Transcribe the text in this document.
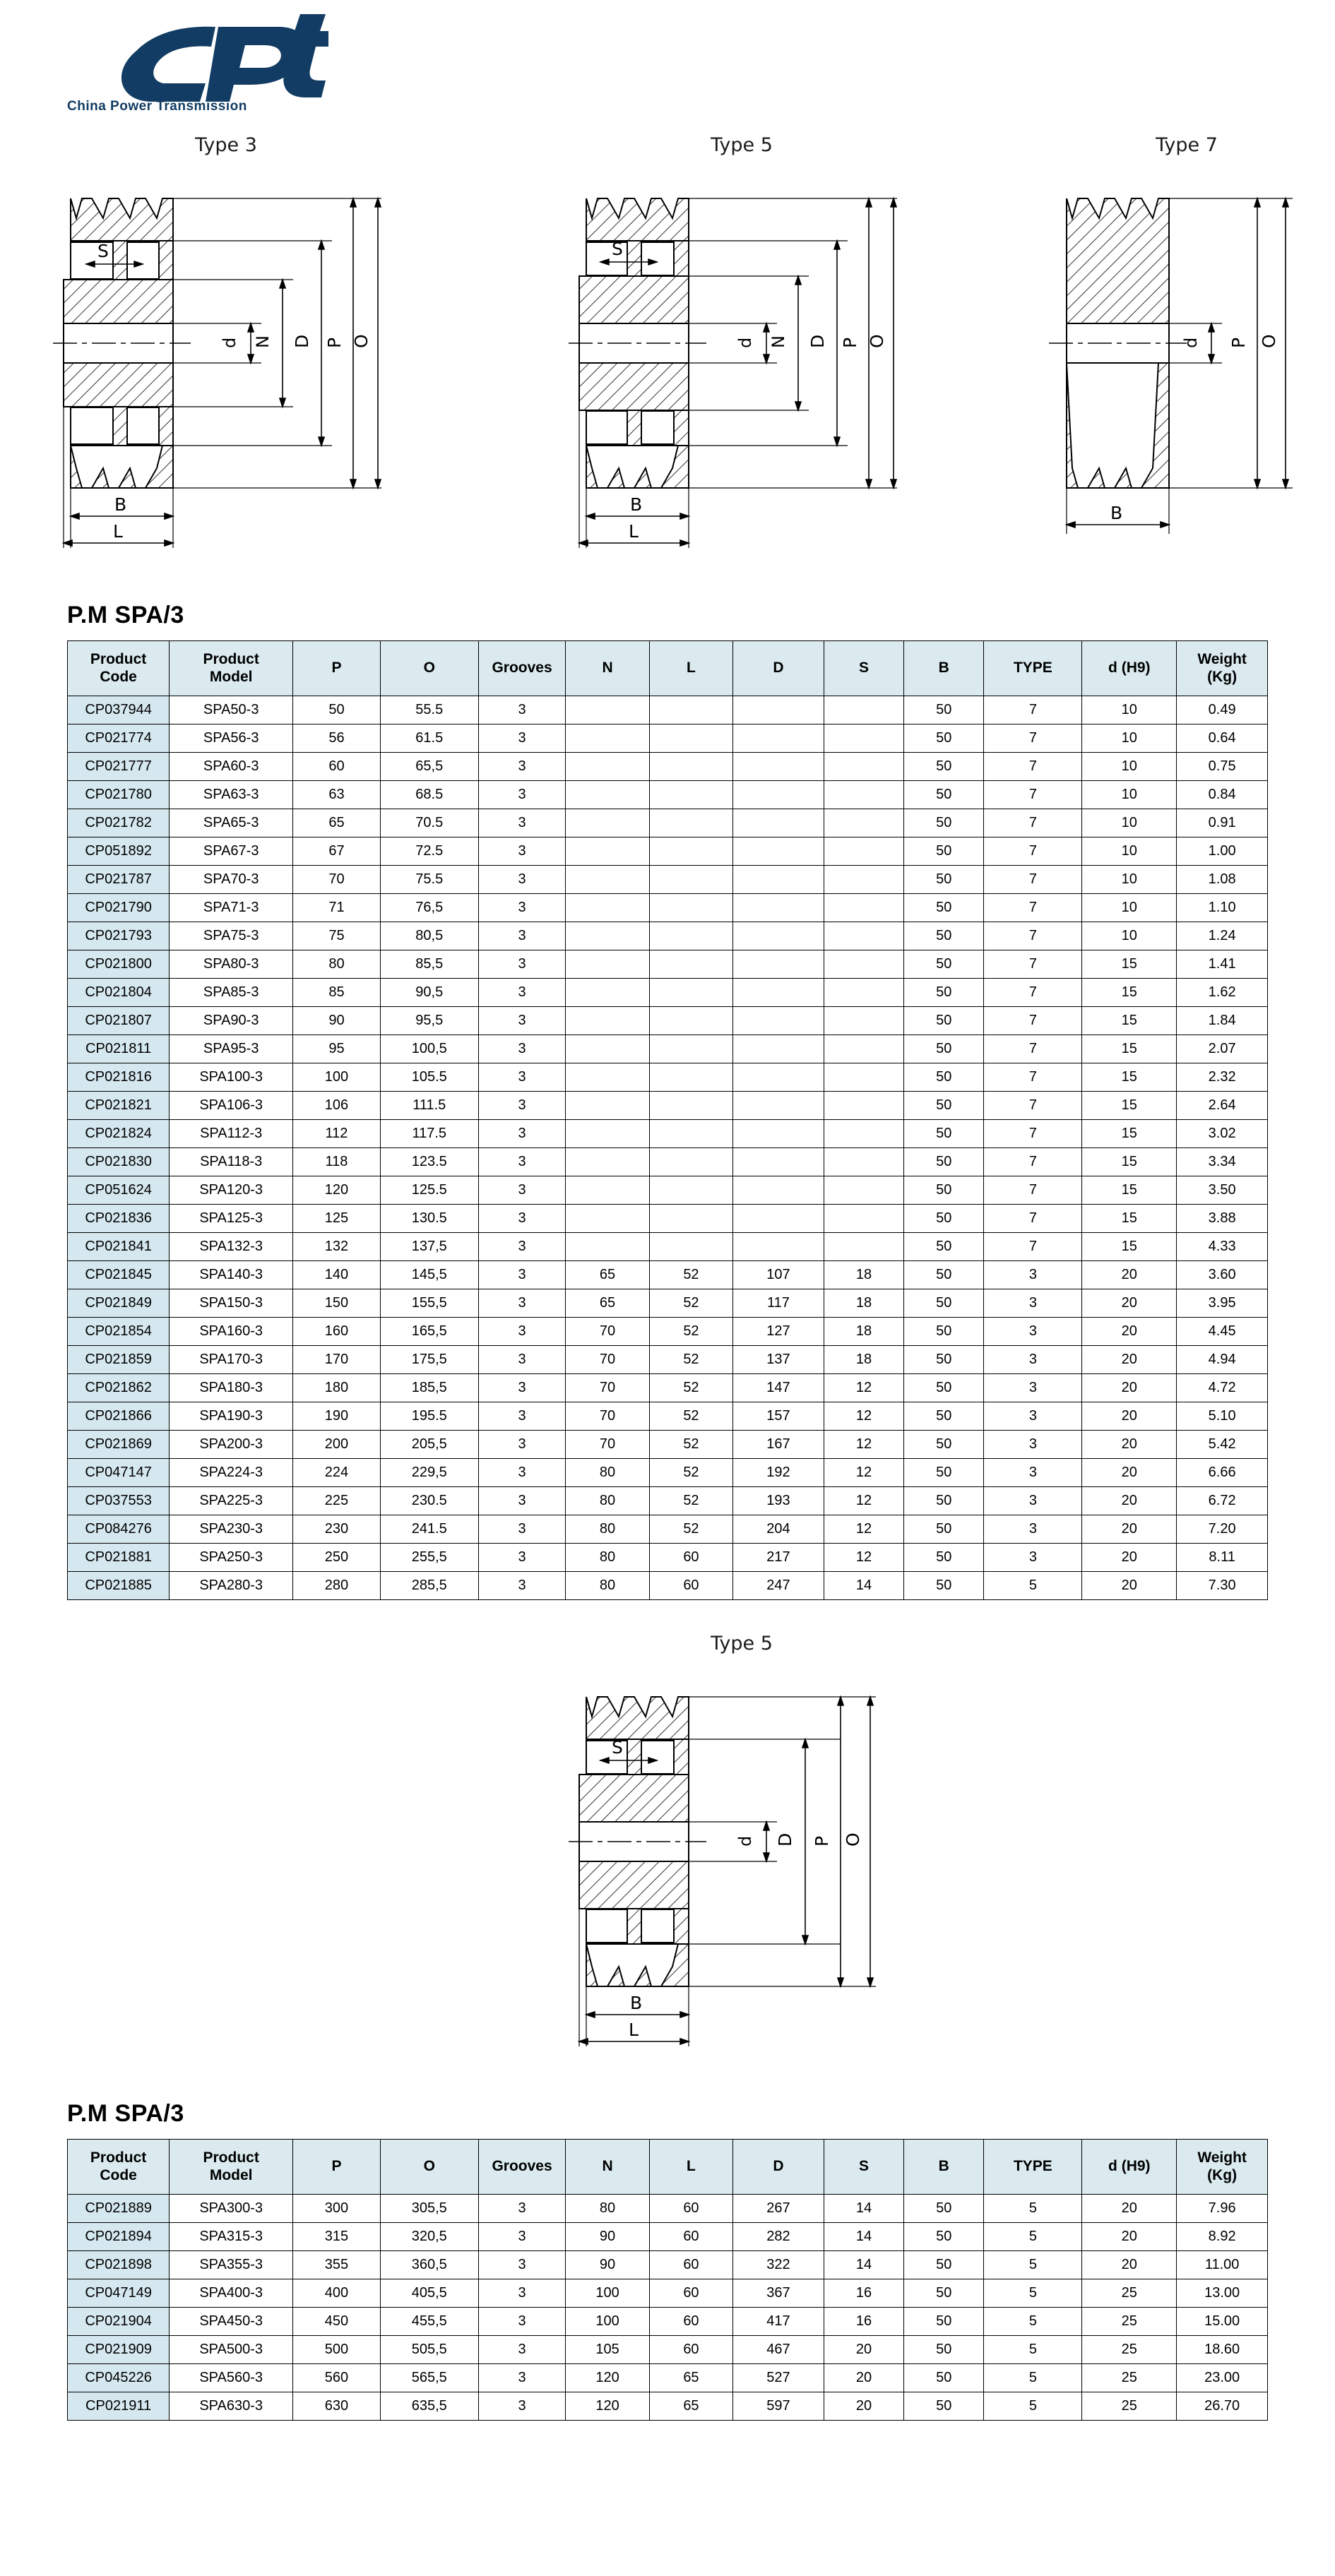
China Power Transmission
Type 3
S
d N D P O
B
L
Type 5
S
d N D P O
B
L
Type 7
d P O
B
P.M SPA/3
Product
Code	Product
Model	P	O	Grooves	N	L	D	S	B	TYPE	d (H9)	Weight
(Kg)
CP037944	SPA50-3	50	55.5	3					50	7	10	0.49
CP021774	SPA56-3	56	61.5	3					50	7	10	0.64
CP021777	SPA60-3	60	65,5	3					50	7	10	0.75
CP021780	SPA63-3	63	68.5	3					50	7	10	0.84
CP021782	SPA65-3	65	70.5	3					50	7	10	0.91
CP051892	SPA67-3	67	72.5	3					50	7	10	1.00
CP021787	SPA70-3	70	75.5	3					50	7	10	1.08
CP021790	SPA71-3	71	76,5	3					50	7	10	1.10
CP021793	SPA75-3	75	80,5	3					50	7	10	1.24
CP021800	SPA80-3	80	85,5	3					50	7	15	1.41
CP021804	SPA85-3	85	90,5	3					50	7	15	1.62
CP021807	SPA90-3	90	95,5	3					50	7	15	1.84
CP021811	SPA95-3	95	100,5	3					50	7	15	2.07
CP021816	SPA100-3	100	105.5	3					50	7	15	2.32
CP021821	SPA106-3	106	111.5	3					50	7	15	2.64
CP021824	SPA112-3	112	117.5	3					50	7	15	3.02
CP021830	SPA118-3	118	123.5	3					50	7	15	3.34
CP051624	SPA120-3	120	125.5	3					50	7	15	3.50
CP021836	SPA125-3	125	130.5	3					50	7	15	3.88
CP021841	SPA132-3	132	137,5	3					50	7	15	4.33
CP021845	SPA140-3	140	145,5	3	65	52	107	18	50	3	20	3.60
CP021849	SPA150-3	150	155,5	3	65	52	117	18	50	3	20	3.95
CP021854	SPA160-3	160	165,5	3	70	52	127	18	50	3	20	4.45
CP021859	SPA170-3	170	175,5	3	70	52	137	18	50	3	20	4.94
CP021862	SPA180-3	180	185,5	3	70	52	147	12	50	3	20	4.72
CP021866	SPA190-3	190	195.5	3	70	52	157	12	50	3	20	5.10
CP021869	SPA200-3	200	205,5	3	70	52	167	12	50	3	20	5.42
CP047147	SPA224-3	224	229,5	3	80	52	192	12	50	3	20	6.66
CP037553	SPA225-3	225	230.5	3	80	52	193	12	50	3	20	6.72
CP084276	SPA230-3	230	241.5	3	80	52	204	12	50	3	20	7.20
CP021881	SPA250-3	250	255,5	3	80	60	217	12	50	3	20	8.11
CP021885	SPA280-3	280	285,5	3	80	60	247	14	50	5	20	7.30
Type 5
S
d D P O
B
L
P.M SPA/3
Product
Code	Product
Model	P	O	Grooves	N	L	D	S	B	TYPE	d (H9)	Weight
(Kg)
CP021889	SPA300-3	300	305,5	3	80	60	267	14	50	5	20	7.96
CP021894	SPA315-3	315	320,5	3	90	60	282	14	50	5	20	8.92
CP021898	SPA355-3	355	360,5	3	90	60	322	14	50	5	20	11.00
CP047149	SPA400-3	400	405,5	3	100	60	367	16	50	5	25	13.00
CP021904	SPA450-3	450	455,5	3	100	60	417	16	50	5	25	15.00
CP021909	SPA500-3	500	505,5	3	105	60	467	20	50	5	25	18.60
CP045226	SPA560-3	560	565,5	3	120	65	527	20	50	5	25	23.00
CP021911	SPA630-3	630	635,5	3	120	65	597	20	50	5	25	26.70
